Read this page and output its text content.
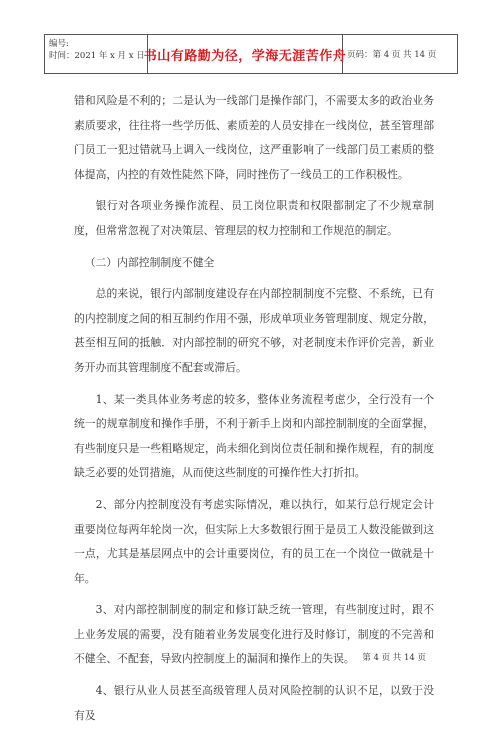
编号:
时间：2021 年 x 月 x 日 书山有路勤为径，学海无涯苦作舟 页码：第 4 页 共 14 页

错和风险是不利的；二是认为一线部门是操作部门，不需要太多的政治业务素质要求，往往将一些学历低、素质差的人员安排在一线岗位，甚至管理部门员工一犯过错就马上调入一线岗位，这严重影响了一线部门员工素质的整体提高，内控的有效性陡然下降，同时挫伤了一线员工的工作积极性。

银行对各项业务操作流程、员工岗位职责和权限都制定了不少规章制度，但常常忽视了对决策层、管理层的权力控制和工作规范的制定。

（二）内部控制制度不健全

总的来说，银行内部制度建设存在内部控制制度不完整、不系统，已有的内控制度之间的相互制约作用不强，形成单项业务管理制度、规定分散，甚至相互间的抵触．对内部控制的研究不够，对老制度未作评价完善，新业务开办而其管理制度不配套或滞后。

1、某一类具体业务考虑的较多，整体业务流程考虑少，全行没有一个统一的规章制度和操作手册，不利于新手上岗和内部控制制度的全面掌握，有些制度只是一些粗略规定，尚未细化到岗位责任制和操作规程，有的制度缺乏必要的处罚措施，从而使这些制度的可操作性大打折扣。

2、部分内控制度没有考虑实际情况，难以执行，如某行总行规定会计重要岗位每两年轮岗一次，但实际上大多数银行囿于是员工人数没能做到这一点，尤其是基层网点中的会计重要岗位，有的员工在一个岗位一做就是十年。

3、对内部控制制度的制定和修订缺乏统一管理，有些制度过时，跟不上业务发展的需要，没有随着业务发展变化进行及时修订，制度的不完善和不健全、不配套，导致内控制度上的漏洞和操作上的失误。

4、银行从业人员甚至高级管理人员对风险控制的认识不足，以致于没有及

第 4 页 共 14 页
